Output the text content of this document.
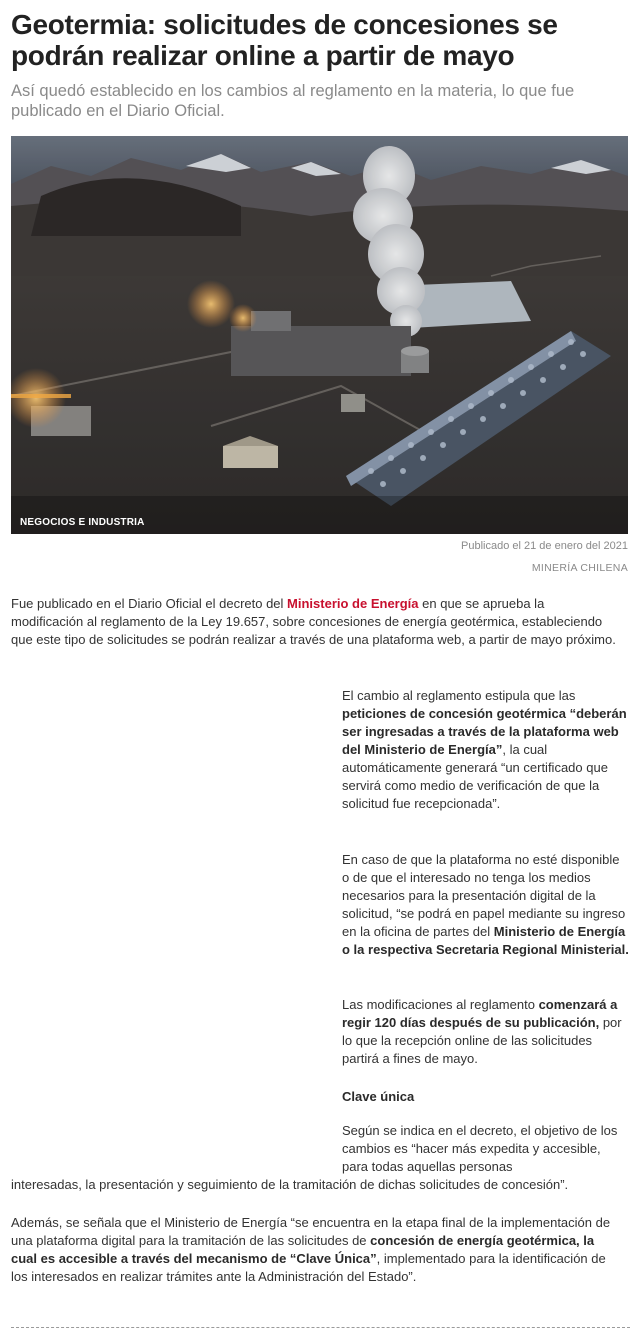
Geotermia: solicitudes de concesiones se podrán realizar online a partir de mayo

Así quedó establecido en los cambios al reglamento en la materia, lo que fue publicado en el Diario Oficial.

NEGOCIOS E INDUSTRIA
Publicado el 21 de enero del 2021
MINERÍA CHILENA

Fue publicado en el Diario Oficial el decreto del Ministerio de Energía en que se aprueba la modificación al reglamento de la Ley 19.657, sobre concesiones de energía geotérmica, estableciendo que este tipo de solicitudes se podrán realizar a través de una plataforma web, a partir de mayo próximo.

El cambio al reglamento estipula que las peticiones de concesión geotérmica “deberán ser ingresadas a través de la plataforma web del Ministerio de Energía”, la cual automáticamente generará “un certificado que servirá como medio de verificación de que la solicitud fue recepcionada”.

En caso de que la plataforma no esté disponible o de que el interesado no tenga los medios necesarios para la presentación digital de la solicitud, “se podrá en papel mediante su ingreso en la oficina de partes del Ministerio de Energía o la respectiva Secretaria Regional Ministerial.

Las modificaciones al reglamento comenzará a regir 120 días después de su publicación, por lo que la recepción online de las solicitudes partirá a fines de mayo.

Clave única

Según se indica en el decreto, el objetivo de los cambios es “hacer más expedita y accesible, para todas aquellas personas

interesadas, la presentación y seguimiento de la tramitación de dichas solicitudes de concesión”.

Además, se señala que el Ministerio de Energía “se encuentra en la etapa final de la implementación de una plataforma digital para la tramitación de las solicitudes de concesión de energía geotérmica, la cual es accesible a través del mecanismo de “Clave Única”, implementado para la identificación de los interesados en realizar trámites ante la Administración del Estado”.
